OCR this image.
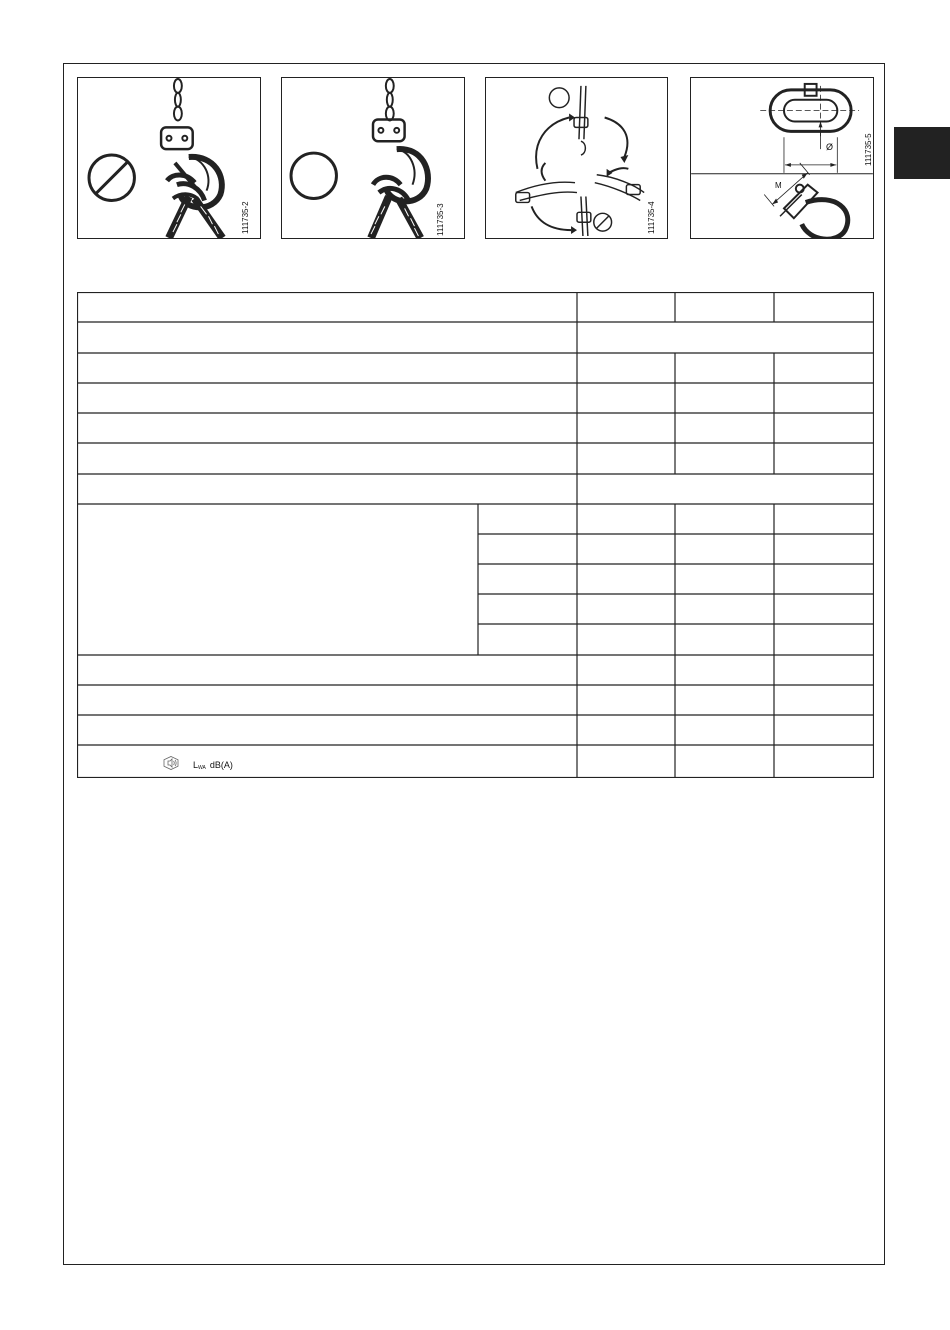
111735-2	111735-3	111735-4
Ø
M
111735-5
L WA dB(A)
